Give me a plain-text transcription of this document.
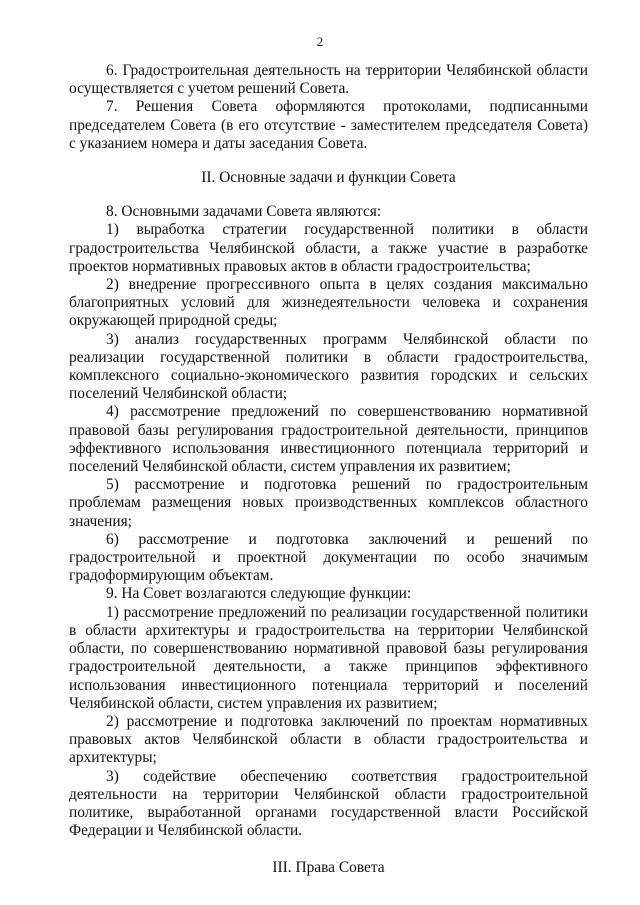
2

6. Градостроительная деятельность на территории Челябинской области осуществляется с учетом решений Совета.

7. Решения Совета оформляются протоколами, подписанными председателем Совета (в его отсутствие - заместителем председателя Совета) с указанием номера и даты заседания Совета.

II. Основные задачи и функции Совета

8. Основными задачами Совета являются:

1) выработка стратегии государственной политики в области градостроительства Челябинской области, а также участие в разработке проектов нормативных правовых актов в области градостроительства;

2) внедрение прогрессивного опыта в целях создания максимально благоприятных условий для жизнедеятельности человека и сохранения окружающей природной среды;

3) анализ государственных программ Челябинской области по реализации государственной политики в области градостроительства, комплексного социально-экономического развития городских и сельских поселений Челябинской области;

4) рассмотрение предложений по совершенствованию нормативной правовой базы регулирования градостроительной деятельности, принципов эффективного использования инвестиционного потенциала территорий и поселений Челябинской области, систем управления их развитием;

5) рассмотрение и подготовка решений по градостроительным проблемам размещения новых производственных комплексов областного значения;

6) рассмотрение и подготовка заключений и решений по градостроительной и проектной документации по особо значимым градоформирующим объектам.

9. На Совет возлагаются следующие функции:

1) рассмотрение предложений по реализации государственной политики в области архитектуры и градостроительства на территории Челябинской области, по совершенствованию нормативной правовой базы регулирования градостроительной деятельности, а также принципов эффективного использования инвестиционного потенциала территорий и поселений Челябинской области, систем управления их развитием;

2) рассмотрение и подготовка заключений по проектам нормативных правовых актов Челябинской области в области градостроительства и архитектуры;

3) содействие обеспечению соответствия градостроительной деятельности на территории Челябинской области градостроительной политике, выработанной органами государственной власти Российской Федерации и Челябинской области.

III. Права Совета
